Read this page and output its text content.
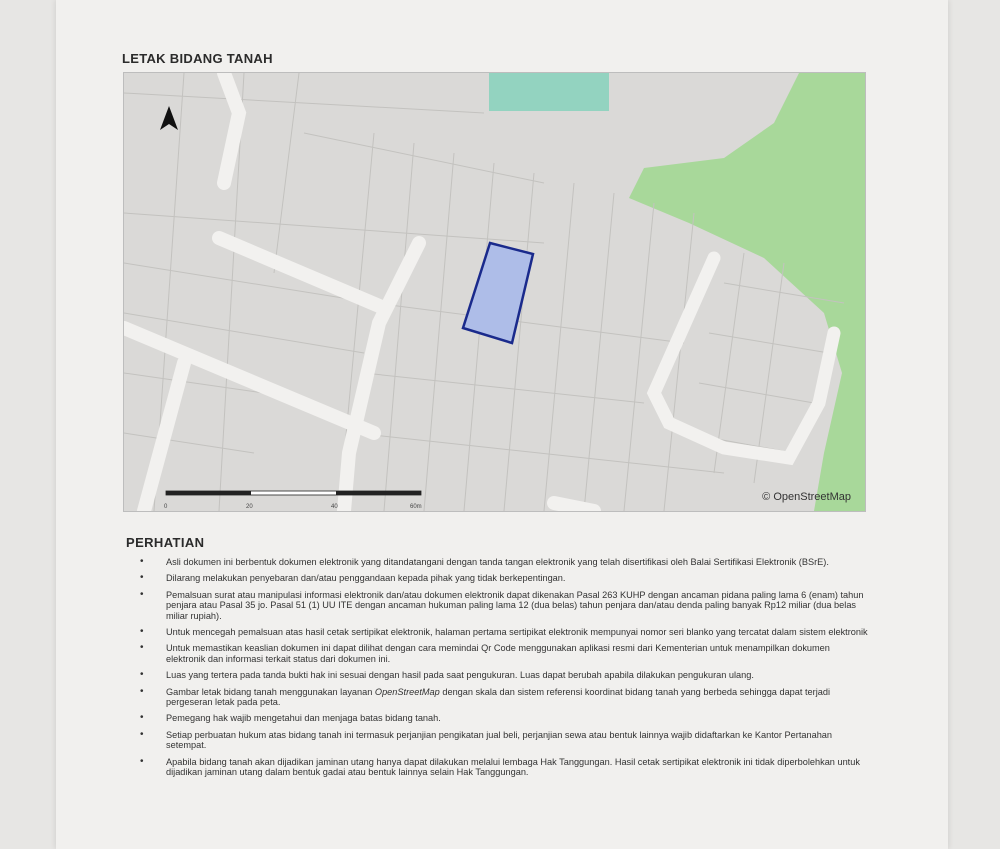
LETAK BIDANG TANAH
© OpenStreetMap
0	20	40	60m
PERHATIAN
• Asli dokumen ini berbentuk dokumen elektronik yang ditandatangani dengan tanda tangan elektronik yang telah disertifikasi oleh Balai Sertifikasi Elektronik (BSrE).
• Dilarang melakukan penyebaran dan/atau penggandaan kepada pihak yang tidak berkepentingan.
• Pemalsuan surat atau manipulasi informasi elektronik dan/atau dokumen elektronik dapat dikenakan Pasal 263 KUHP dengan ancaman pidana paling lama 6 (enam) tahun penjara atau Pasal 35 jo. Pasal 51 (1) UU ITE dengan ancaman hukuman paling lama 12 (dua belas) tahun penjara dan/atau denda paling banyak Rp12 miliar (dua belas miliar rupiah).
• Untuk mencegah pemalsuan atas hasil cetak sertipikat elektronik, halaman pertama sertipikat elektronik mempunyai nomor seri blanko yang tercatat dalam sistem elektronik
• Untuk memastikan keaslian dokumen ini dapat dilihat dengan cara memindai Qr Code menggunakan aplikasi resmi dari Kementerian untuk menampilkan dokumen elektronik dan informasi terkait status dari dokumen ini.
• Luas yang tertera pada tanda bukti hak ini sesuai dengan hasil pada saat pengukuran. Luas dapat berubah apabila dilakukan pengukuran ulang.
• Gambar letak bidang tanah menggunakan layanan OpenStreetMap dengan skala dan sistem referensi koordinat bidang tanah yang berbeda sehingga dapat terjadi pergeseran letak pada peta.
• Pemegang hak wajib mengetahui dan menjaga batas bidang tanah.
• Setiap perbuatan hukum atas bidang tanah ini termasuk perjanjian pengikatan jual beli, perjanjian sewa atau bentuk lainnya wajib didaftarkan ke Kantor Pertanahan setempat.
• Apabila bidang tanah akan dijadikan jaminan utang hanya dapat dilakukan melalui lembaga Hak Tanggungan. Hasil cetak sertipikat elektronik ini tidak diperbolehkan untuk dijadikan jaminan utang dalam bentuk gadai atau bentuk lainnya selain Hak Tanggungan.
